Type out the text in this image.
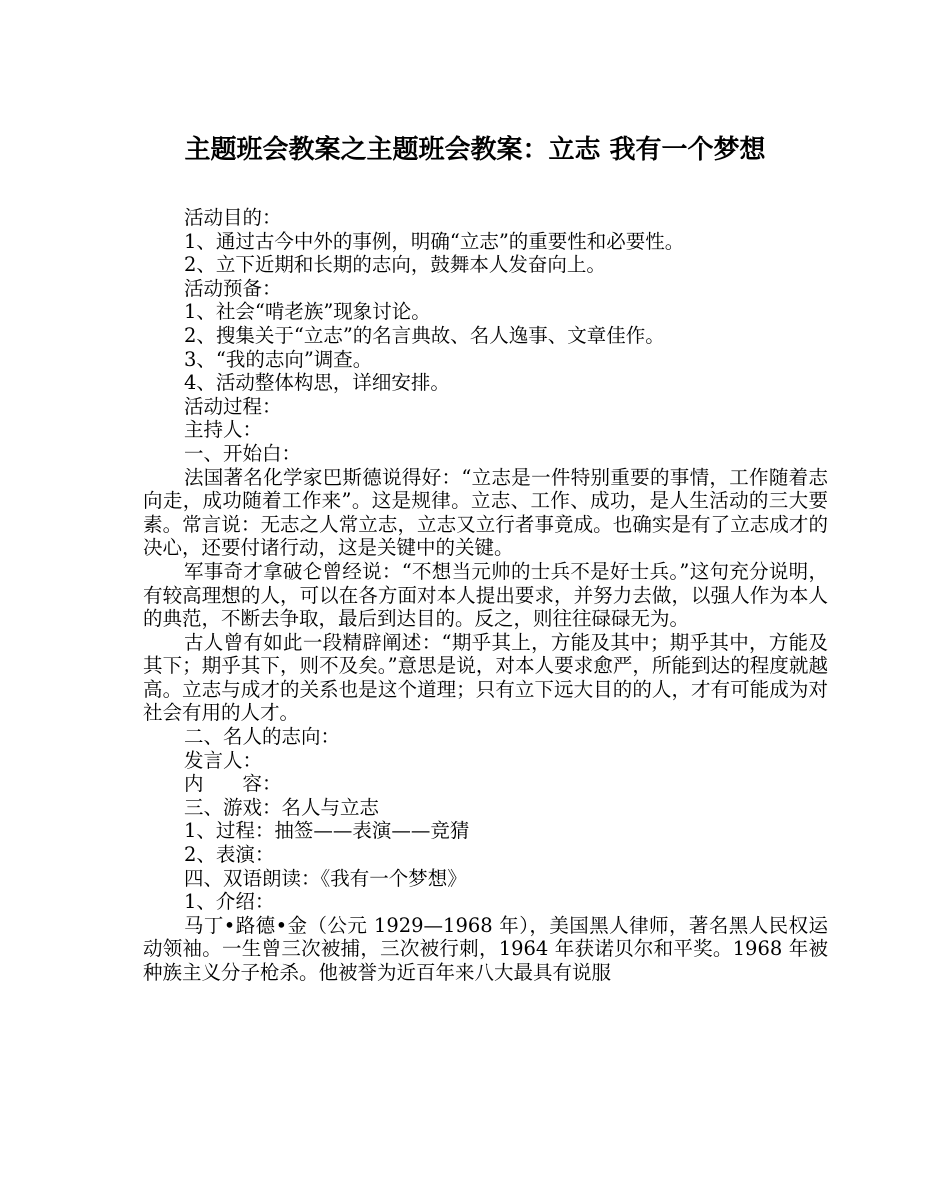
主题班会教案之主题班会教案：立志 我有一个梦想

活动目的：

1、通过古今中外的事例，明确“立志”的重要性和必要性。

2、立下近期和长期的志向，鼓舞本人发奋向上。

活动预备：

1、社会“啃老族”现象讨论。

2、搜集关于“立志”的名言典故、名人逸事、文章佳作。

3、“我的志向”调查。

4、活动整体构思，详细安排。

活动过程：

主持人：

一、开始白：

法国著名化学家巴斯德说得好：“立志是一件特别重要的事情，工作随着志向走，成功随着工作来”。这是规律。立志、工作、成功，是人生活动的三大要素。常言说：无志之人常立志，立志又立行者事竟成。也确实是有了立志成才的决心，还要付诸行动，这是关键中的关键。

军事奇才拿破仑曾经说：“不想当元帅的士兵不是好士兵。”这句充分说明，有较高理想的人，可以在各方面对本人提出要求，并努力去做，以强人作为本人的典范，不断去争取，最后到达目的。反之，则往往碌碌无为。

古人曾有如此一段精辟阐述：“期乎其上，方能及其中；期乎其中，方能及其下；期乎其下，则不及矣。”意思是说，对本人要求愈严，所能到达的程度就越高。立志与成才的关系也是这个道理；只有立下远大目的的人，才有可能成为对社会有用的人才。

二、名人的志向：

发言人：

内　　容：

三、游戏：名人与立志

1、过程：抽签——表演——竞猜

2、表演：

四、双语朗读：《我有一个梦想》

1、介绍：

马丁•路德•金（公元 1929—1968 年），美国黑人律师，著名黑人民权运动领袖。一生曾三次被捕，三次被行刺，1964 年获诺贝尔和平奖。1968 年被种族主义分子枪杀。他被誉为近百年来八大最具有说服
